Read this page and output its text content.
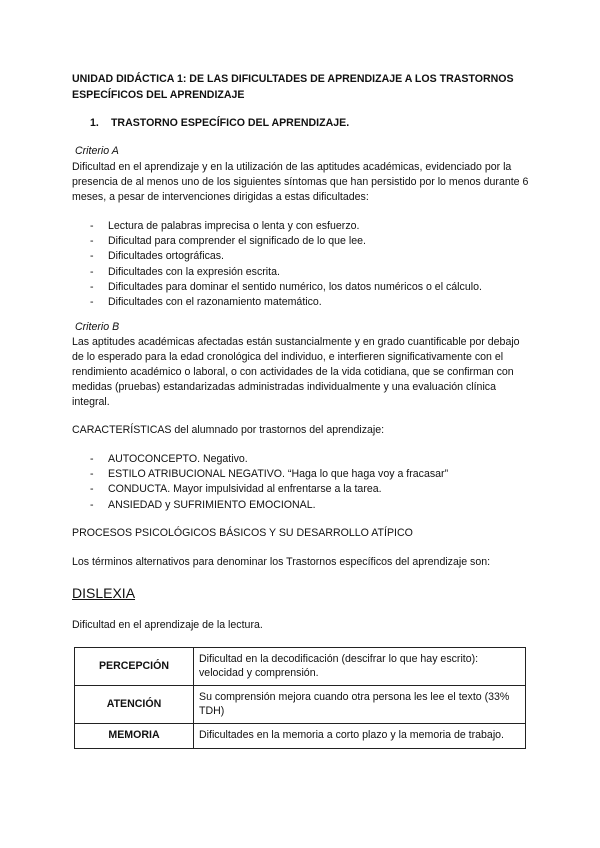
UNIDAD DIDÁCTICA 1: DE LAS DIFICULTADES DE APRENDIZAJE A LOS TRASTORNOS ESPECÍFICOS DEL APRENDIZAJE
1. TRASTORNO ESPECÍFICO DEL APRENDIZAJE.
Criterio A
Dificultad en el aprendizaje y en la utilización de las aptitudes académicas, evidenciado por la presencia de al menos uno de los siguientes síntomas que han persistido por lo menos durante 6 meses, a pesar de intervenciones dirigidas a estas dificultades:
- Lectura de palabras imprecisa o lenta y con esfuerzo.
- Dificultad para comprender el significado de lo que lee.
- Dificultades ortográficas.
- Dificultades con la expresión escrita.
- Dificultades para dominar el sentido numérico, los datos numéricos o el cálculo.
- Dificultades con el razonamiento matemático.
Criterio B
Las aptitudes académicas afectadas están sustancialmente y en grado cuantificable por debajo de lo esperado para la edad cronológica del individuo, e interfieren significativamente con el rendimiento académico o laboral, o con actividades de la vida cotidiana, que se confirman con medidas (pruebas) estandarizadas administradas individualmente y una evaluación clínica integral.
CARACTERÍSTICAS del alumnado por trastornos del aprendizaje:
- AUTOCONCEPTO. Negativo.
- ESTILO ATRIBUCIONAL NEGATIVO. “Haga lo que haga voy a fracasar”
- CONDUCTA. Mayor impulsividad al enfrentarse a la tarea.
- ANSIEDAD y SUFRIMIENTO EMOCIONAL.
PROCESOS PSICOLÓGICOS BÁSICOS Y SU DESARROLLO ATÍPICO
Los términos alternativos para denominar los Trastornos específicos del aprendizaje son:
DISLEXIA
Dificultad en el aprendizaje de la lectura.
PERCEPCIÓN	Dificultad en la decodificación (descifrar lo que hay escrito): velocidad y comprensión.
ATENCIÓN	Su comprensión mejora cuando otra persona les lee el texto (33% TDH)
MEMORIA	Dificultades en la memoria a corto plazo y la memoria de trabajo.
